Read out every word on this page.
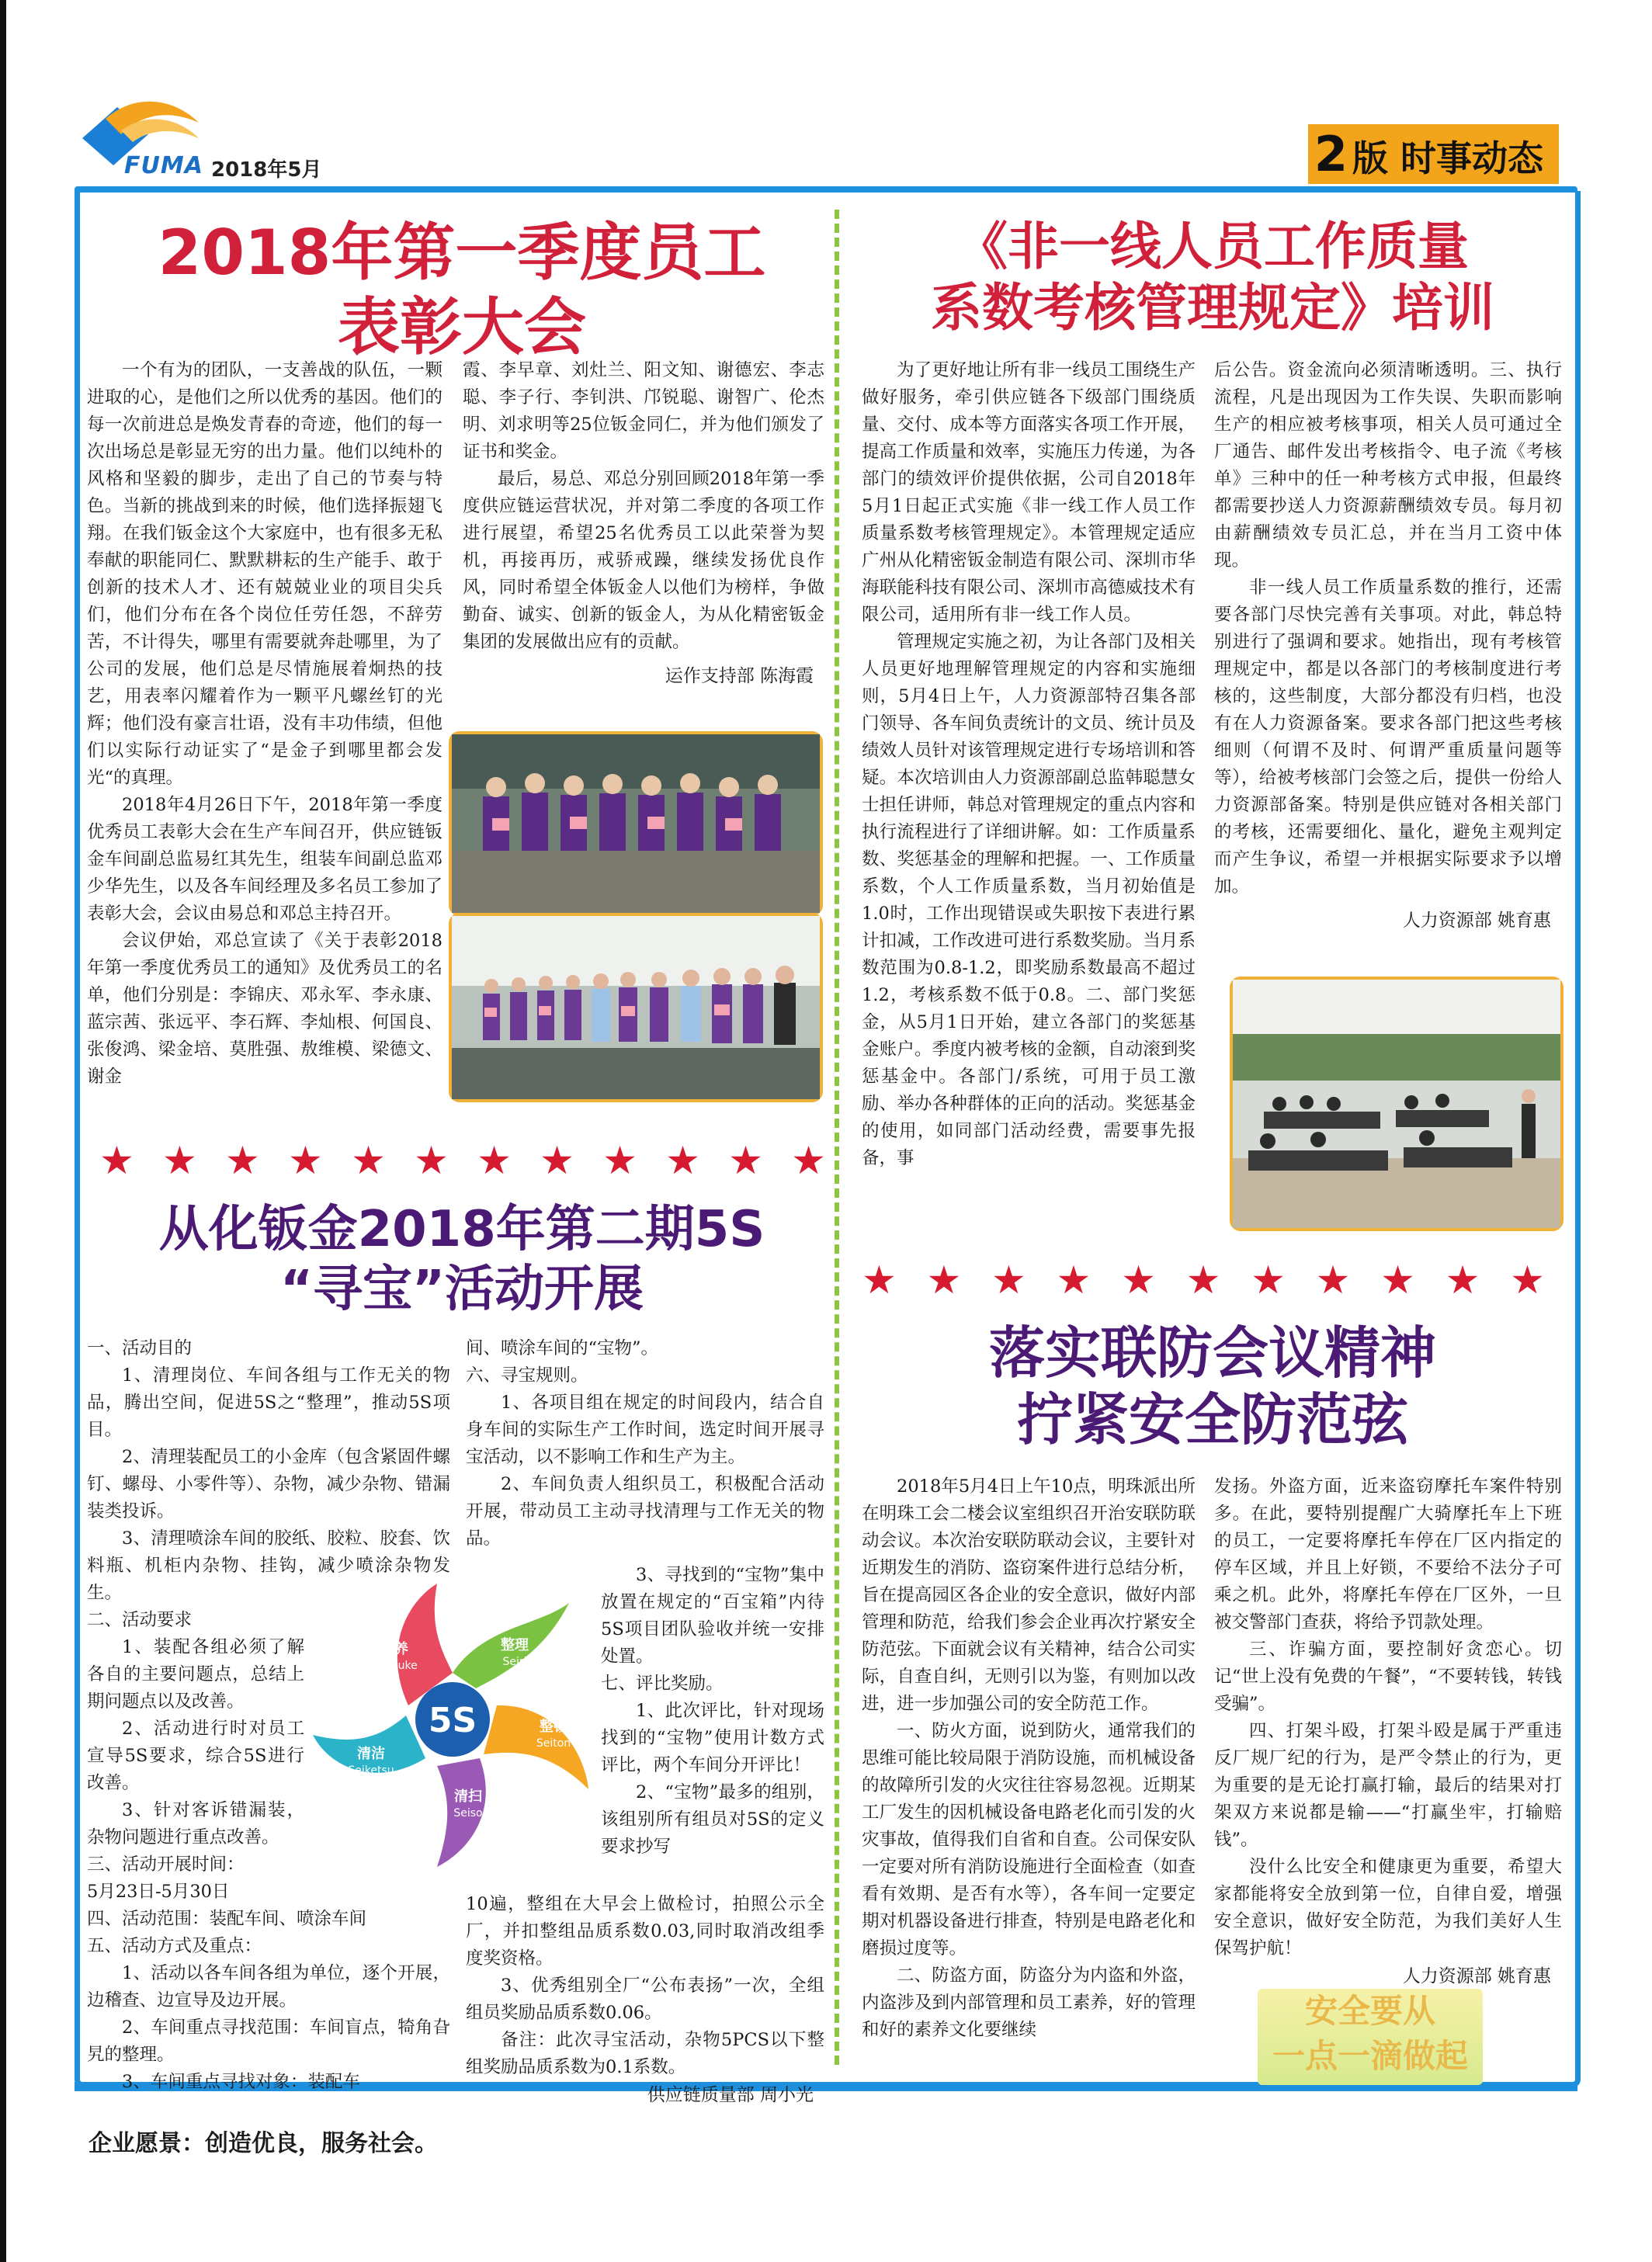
FUMA 2018年5月	2 版 时事动态
企业愿景：创造优良，服务社会。
2018年第一季度员工
表彰大会

一个有为的团队，一支善战的队伍，一颗进取的心，是他们之所以优秀的基因。他们的每一次前进总是焕发青春的奇迹，他们的每一次出场总是彰显无穷的出力量。他们以纯朴的风格和坚毅的脚步，走出了自己的节奏与特色。当新的挑战到来的时候，他们选择振翅飞翔。在我们钣金这个大家庭中，也有很多无私奉献的职能同仁、默默耕耘的生产能手、敢于创新的技术人才、还有兢兢业业的项目尖兵们，他们分布在各个岗位任劳任怨，不辞劳苦，不计得失，哪里有需要就奔赴哪里，为了公司的发展，他们总是尽情施展着炯热的技艺，用表率闪耀着作为一颗平凡螺丝钉的光辉；他们没有豪言壮语，没有丰功伟绩，但他们以实际行动证实了“是金子到哪里都会发光“的真理。

2018年4月26日下午，2018年第一季度优秀员工表彰大会在生产车间召开，供应链钣金车间副总监易红其先生，组装车间副总监邓少华先生，以及各车间经理及多名员工参加了表彰大会，会议由易总和邓总主持召开。

会议伊始，邓总宣读了《关于表彰2018年第一季度优秀员工的通知》及优秀员工的名单，他们分别是：李锦庆、邓永军、李永康、蓝宗茜、张远平、李石辉、李灿根、何国良、张俊鸿、梁金培、莫胜强、敖维模、梁德文、谢金

霞、李早章、刘灶兰、阳文知、谢德宏、李志聪、李子行、李钊洪、邝锐聪、谢智广、伦杰明、刘求明等25位钣金同仁，并为他们颁发了证书和奖金。

最后，易总、邓总分别回顾2018年第一季度供应链运营状况，并对第二季度的各项工作进行展望，希望25名优秀员工以此荣誉为契机，再接再历，戒骄戒躁，继续发扬优良作风，同时希望全体钣金人以他们为榜样，争做勤奋、诚实、创新的钣金人，为从化精密钣金集团的发展做出应有的贡献。

运作支持部 陈海霞
★ ★ ★ ★ ★ ★ ★ ★ ★ ★ ★ ★
从化钣金2018年第二期5S
“寻宝”活动开展

一、活动目的

1、清理岗位、车间各组与工作无关的物品，腾出空间，促进5S之“整理”，推动5S项目。

2、清理装配员工的小金库（包含紧固件螺钉、螺母、小零件等）、杂物，减少杂物、错漏装类投诉。

3、清理喷涂车间的胶纸、胶粒、胶套、饮料瓶、机柜内杂物、挂钩，减少喷涂杂物发生。

二、活动要求

1、装配各组必须了解各自的主要问题点，总结上期问题点以及改善。

2、活动进行时对员工宣导5S要求，综合5S进行改善。

3、针对客诉错漏装，杂物问题进行重点改善。

三、活动开展时间：

5月23日-5月30日

四、活动范围：装配车间、喷涂车间

五、活动方式及重点：

1、活动以各车间各组为单位，逐个开展，边稽查、边宣导及边开展。

2、车间重点寻找范围：车间盲点，犄角旮旯的整理。

3、车间重点寻找对象：装配车

间、喷涂车间的“宝物”。

六、寻宝规则。

1、各项目组在规定的时间段内，结合自身车间的实际生产工作时间，选定时间开展寻宝活动，以不影响工作和生产为主。

2、车间负责人组织员工，积极配合活动开展，带动员工主动寻找清理与工作无关的物品。

3、寻找到的“宝物”集中放置在规定的“百宝箱”内待5S项目团队验收并统一安排处置。

七、评比奖励。

1、此次评比，针对现场找到的“宝物”使用计数方式评比，两个车间分开评比！

2、“宝物”最多的组别，该组别所有组员对5S的定义要求抄写

10遍，整组在大早会上做检讨，拍照公示全厂，并扣整组品质系数0.03,同时取消改组季度奖资格。

3、优秀组别全厂“公布表扬”一次，全组组员奖励品质系数0.06。

备注：此次寻宝活动，杂物5PCS以下整组奖励品质系数为0.1系数。

供应链质量部 周小光
5S
整理
Seiri
整顿
Seiton
清扫
Seiso
清洁
Seiketsu
素养
Shitsuke
《非一线人员工作质量
系数考核管理规定》培训

为了更好地让所有非一线员工围绕生产做好服务，牵引供应链各下级部门围绕质量、交付、成本等方面落实各项工作开展，提高工作质量和效率，实施压力传递，为各部门的绩效评价提供依据，公司自2018年5月1日起正式实施《非一线工作人员工作质量系数考核管理规定》。本管理规定适应广州从化精密钣金制造有限公司、深圳市华海联能科技有限公司、深圳市高德威技术有限公司，适用所有非一线工作人员。

管理规定实施之初，为让各部门及相关人员更好地理解管理规定的内容和实施细则，5月4日上午，人力资源部特召集各部门领导、各车间负责统计的文员、统计员及绩效人员针对该管理规定进行专场培训和答疑。本次培训由人力资源部副总监韩聪慧女士担任讲师，韩总对管理规定的重点内容和执行流程进行了详细讲解。如：工作质量系数、奖惩基金的理解和把握。一、工作质量系数，个人工作质量系数，当月初始值是1.0时，工作出现错误或失职按下表进行累计扣减，工作改进可进行系数奖励。当月系数范围为0.8-1.2，即奖励系数最高不超过1.2，考核系数不低于0.8。二、部门奖惩金，从5月1日开始，建立各部门的奖惩基金账户。季度内被考核的金额，自动滚到奖惩基金中。各部门/系统，可用于员工激励、举办各种群体的正向的活动。奖惩基金的使用，如同部门活动经费，需要事先报备，事

后公告。资金流向必须清晰透明。三、执行流程，凡是出现因为工作失误、失职而影响生产的相应被考核事项，相关人员可通过全厂通告、邮件发出考核指令、电子流《考核单》三种中的任一种考核方式申报，但最终都需要抄送人力资源薪酬绩效专员。每月初由薪酬绩效专员汇总，并在当月工资中体现。

非一线人员工作质量系数的推行，还需要各部门尽快完善有关事项。对此，韩总特别进行了强调和要求。她指出，现有考核管理规定中，都是以各部门的考核制度进行考核的，这些制度，大部分都没有归档，也没有在人力资源备案。要求各部门把这些考核细则（何谓不及时、何谓严重质量问题等等），给被考核部门会签之后，提供一份给人力资源部备案。特别是供应链对各相关部门的考核，还需要细化、量化，避免主观判定而产生争议，希望一并根据实际要求予以增加。

人力资源部 姚育惠
★ ★ ★ ★ ★ ★ ★ ★ ★ ★ ★
落实联防会议精神
拧紧安全防范弦

2018年5月4日上午10点，明珠派出所在明珠工会二楼会议室组织召开治安联防联动会议。本次治安联防联动会议，主要针对近期发生的消防、盗窃案件进行总结分析，旨在提高园区各企业的安全意识，做好内部管理和防范，给我们参会企业再次拧紧安全防范弦。下面就会议有关精神，结合公司实际，自查自纠，无则引以为鉴，有则加以改进，进一步加强公司的安全防范工作。

一、防火方面，说到防火，通常我们的思维可能比较局限于消防设施，而机械设备的故障所引发的火灾往往容易忽视。近期某工厂发生的因机械设备电路老化而引发的火灾事故，值得我们自省和自查。公司保安队一定要对所有消防设施进行全面检查（如查看有效期、是否有水等），各车间一定要定期对机器设备进行排查，特别是电路老化和磨损过度等。

二、防盗方面，防盗分为内盗和外盗，内盗涉及到内部管理和员工素养，好的管理和好的素养文化要继续

发扬。外盗方面，近来盗窃摩托车案件特别多。在此，要特别提醒广大骑摩托车上下班的员工，一定要将摩托车停在厂区内指定的停车区域，并且上好锁，不要给不法分子可乘之机。此外，将摩托车停在厂区外，一旦被交警部门查获，将给予罚款处理。

三、诈骗方面，要控制好贪恋心。切记“世上没有免费的午餐”，“不要转钱，转钱受骗”。

四、打架斗殴，打架斗殴是属于严重违反厂规厂纪的行为，是严令禁止的行为，更为重要的是无论打赢打输，最后的结果对打架双方来说都是输——“打赢坐牢，打输赔钱”。

没什么比安全和健康更为重要，希望大家都能将安全放到第一位，自律自爱，增强安全意识，做好安全防范，为我们美好人生保驾护航！

人力资源部 姚育惠
安全要从
一点一滴做起
